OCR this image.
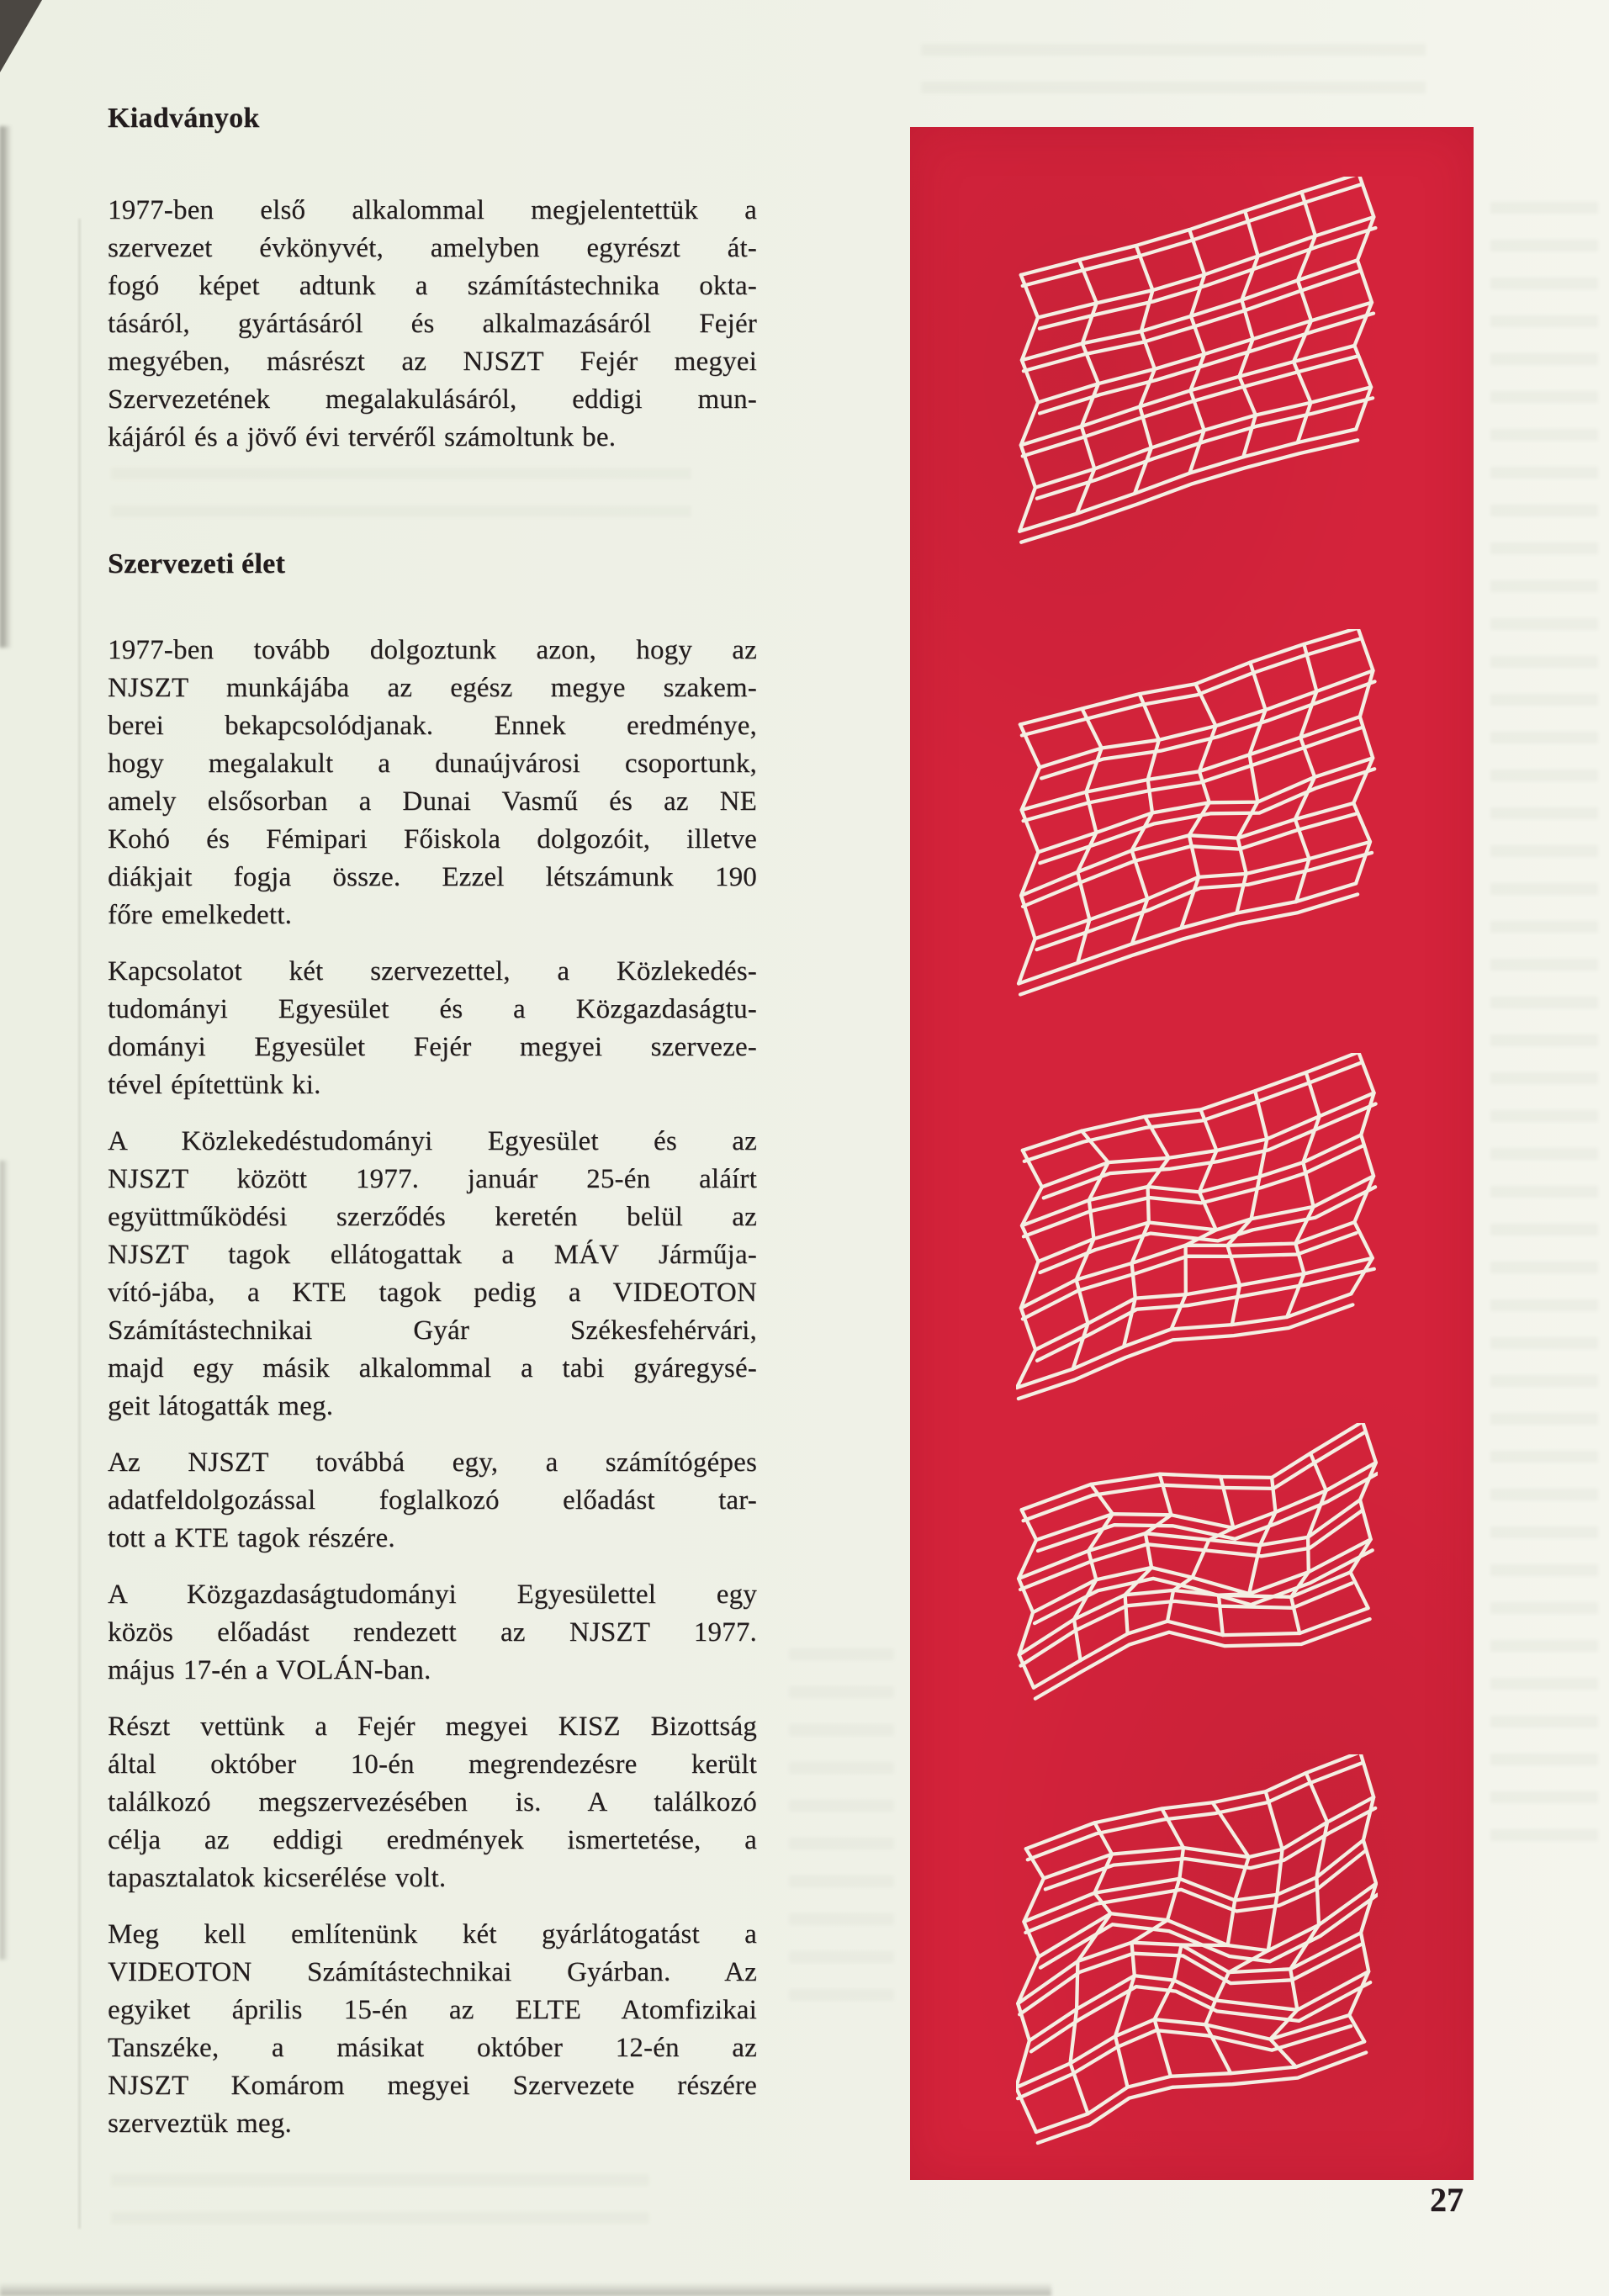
Kiadványok
1977-ben első alkalommal megjelentettük a
szervezet évkönyvét, amelyben egyrészt át-
fogó képet adtunk a számítástechnika okta-
tásáról, gyártásáról és alkalmazásáról Fejér
megyében, másrészt az NJSZT Fejér megyei
Szervezetének megalakulásáról, eddigi mun-
kájáról és a jövő évi tervéről számoltunk be.
Szervezeti élet
1977-ben tovább dolgoztunk azon, hogy az
NJSZT munkájába az egész megye szakem-
berei bekapcsolódjanak. Ennek eredménye,
hogy megalakult a dunaújvárosi csoportunk,
amely elsősorban a Dunai Vasmű és az NE
Kohó és Fémipari Főiskola dolgozóit, illetve
diákjait fogja össze. Ezzel létszámunk 190
főre emelkedett.
Kapcsolatot két szervezettel, a Közlekedés-
tudományi Egyesület és a Közgazdaságtu-
dományi Egyesület Fejér megyei szerveze-
tével építettünk ki.
A Közlekedéstudományi Egyesület és az
NJSZT között 1977. január 25-én aláírt
együttműködési szerződés keretén belül az
NJSZT tagok ellátogattak a MÁV Járműja-
vító-jába, a KTE tagok pedig a VIDEOTON
Számítástechnikai Gyár Székesfehérvári,
majd egy másik alkalommal a tabi gyáregysé-
geit látogatták meg.
Az NJSZT továbbá egy, a számítógépes
adatfeldolgozással foglalkozó előadást tar-
tott a KTE tagok részére.
A Közgazdaságtudományi Egyesülettel egy
közös előadást rendezett az NJSZT 1977.
május 17-én a VOLÁN-ban.
Részt vettünk a Fejér megyei KISZ Bizottság
által október 10-én megrendezésre került
találkozó megszervezésében is. A találkozó
célja az eddigi eredmények ismertetése, a
tapasztalatok kicserélése volt.
Meg kell említenünk két gyárlátogatást a
VIDEOTON Számítástechnikai Gyárban. Az
egyiket április 15-én az ELTE Atomfizikai
Tanszéke, a másikat október 12-én az
NJSZT Komárom megyei Szervezete részére
szerveztük meg.
27
